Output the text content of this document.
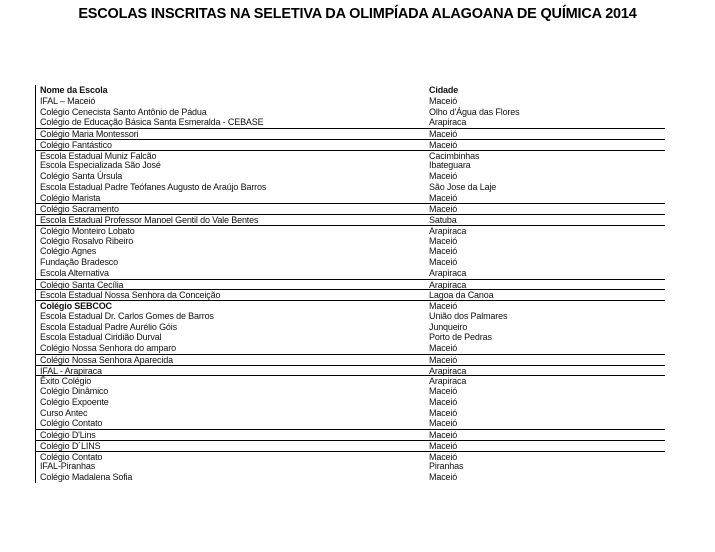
ESCOLAS INSCRITAS NA SELETIVA DA OLIMPÍADA ALAGOANA DE QUÍMICA 2014
Nome da Escola	Cidade
IFAL – Maceió	Maceió
Colégio Cenecista Santo Antônio de Pádua	Olho d'Água das Flores
Colégio de Educação Básica Santa Esmeralda - CEBASE	Arapiraca
Colégio Maria Montessori	Maceió
Colégio Fantástico	Maceió
Escola Estadual Muniz Falcão	Cacimbinhas
Escola Especializada São José	Ibateguara
Colégio Santa Úrsula	Maceió
Escola Estadual Padre Teófanes Augusto de Araújo Barros	São Jose da Laje
Colégio Marista	Maceió
Colégio Sacramento	Maceió
Escola Estadual Professor Manoel Gentil do Vale Bentes	Satuba
Colégio Monteiro Lobato	Arapiraca
Colégio Rosalvo Ribeiro	Maceió
Colégio Agnes	Maceió
Fundação Bradesco	Maceió
Escola Alternativa	Arapiraca
Colégio Santa Cecília	Arapiraca
Escola Estadual Nossa Senhora da Conceição	Lagoa da Canoa
Colégio SEBCOC	Maceió
Escola Estadual Dr. Carlos Gomes de Barros	União dos Palmares
Escola Estadual Padre Aurélio Góis	Junqueiro
Escola Estadual Ciridião Durval	Porto de Pedras
Colégio Nossa Senhora do amparo	Maceió
Colégio Nossa Senhora Aparecida	Maceió
IFAL - Arapiraca	Arapiraca
Êxito Colégio	Arapiraca
Colégio Dinâmico	Maceió
Colégio Expoente	Maceió
Curso Antec	Maceió
Colégio Contato	Maceió
Colégio D'Lins	Maceió
Colégio D´LINS	Maceió
Colégio Contato	Maceió
IFAL-Piranhas	Piranhas
Colégio Madalena Sofia	Maceió
